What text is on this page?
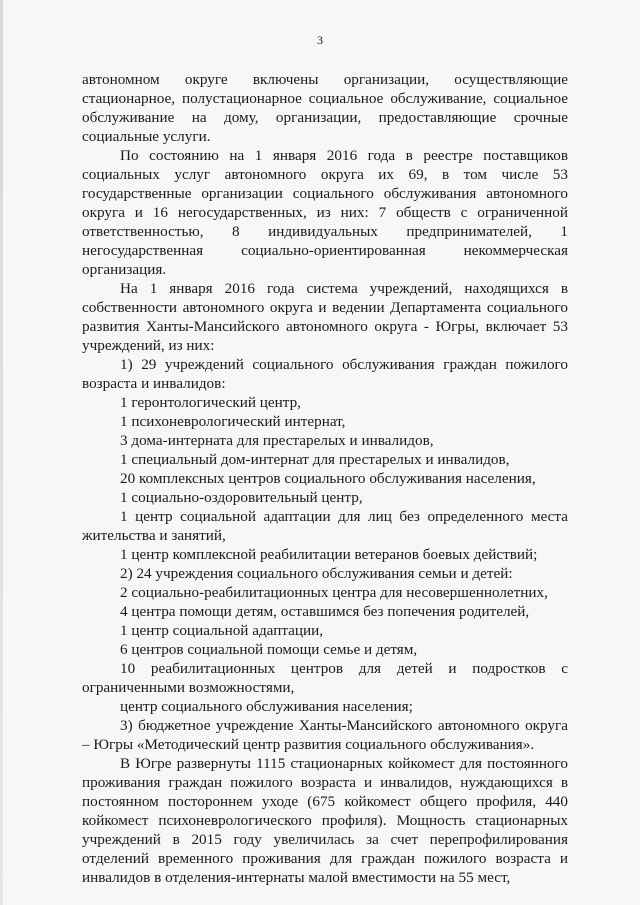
3

автономном округе включены организации, осуществляющие стационарное, полустационарное социальное обслуживание, социальное обслуживание на дому, организации, предоставляющие срочные социальные услуги.

По состоянию на 1 января 2016 года в реестре поставщиков социальных услуг автономного округа их 69, в том числе 53 государственные организации социального обслуживания автономного округа и 16 негосударственных, из них: 7 обществ с ограниченной ответственностью, 8 индивидуальных предпринимателей, 1 негосударственная социально-ориентированная некоммерческая организация.

На 1 января 2016 года система учреждений, находящихся в собственности автономного округа и ведении Департамента социального развития Ханты-Мансийского автономного округа - Югры, включает 53 учреждений, из них:

1) 29 учреждений социального обслуживания граждан пожилого возраста и инвалидов:

1 геронтологический центр,

1 психоневрологический интернат,

3 дома-интерната для престарелых и инвалидов,

1 специальный дом-интернат для престарелых и инвалидов,

20 комплексных центров социального обслуживания населения,

1 социально-оздоровительный центр,

1 центр социальной адаптации для лиц без определенного места жительства и занятий,

1 центр комплексной реабилитации ветеранов боевых действий;

2) 24 учреждения социального обслуживания семьи и детей:

2 социально-реабилитационных центра для несовершеннолетних,

4 центра помощи детям, оставшимся без попечения родителей,

1 центр социальной адаптации,

6 центров социальной помощи семье и детям,

10 реабилитационных центров для детей и подростков с ограниченными возможностями,

центр социального обслуживания населения;

3) бюджетное учреждение Ханты-Мансийского автономного округа – Югры «Методический центр развития социального обслуживания».

В Югре развернуты 1115 стационарных койкомест для постоянного проживания граждан пожилого возраста и инвалидов, нуждающихся в постоянном постороннем уходе (675 койкомест общего профиля, 440 койкомест психоневрологического профиля). Мощность стационарных учреждений в 2015 году увеличилась за счет перепрофилирования отделений временного проживания для граждан пожилого возраста и инвалидов в отделения-интернаты малой вместимости на 55 мест,
